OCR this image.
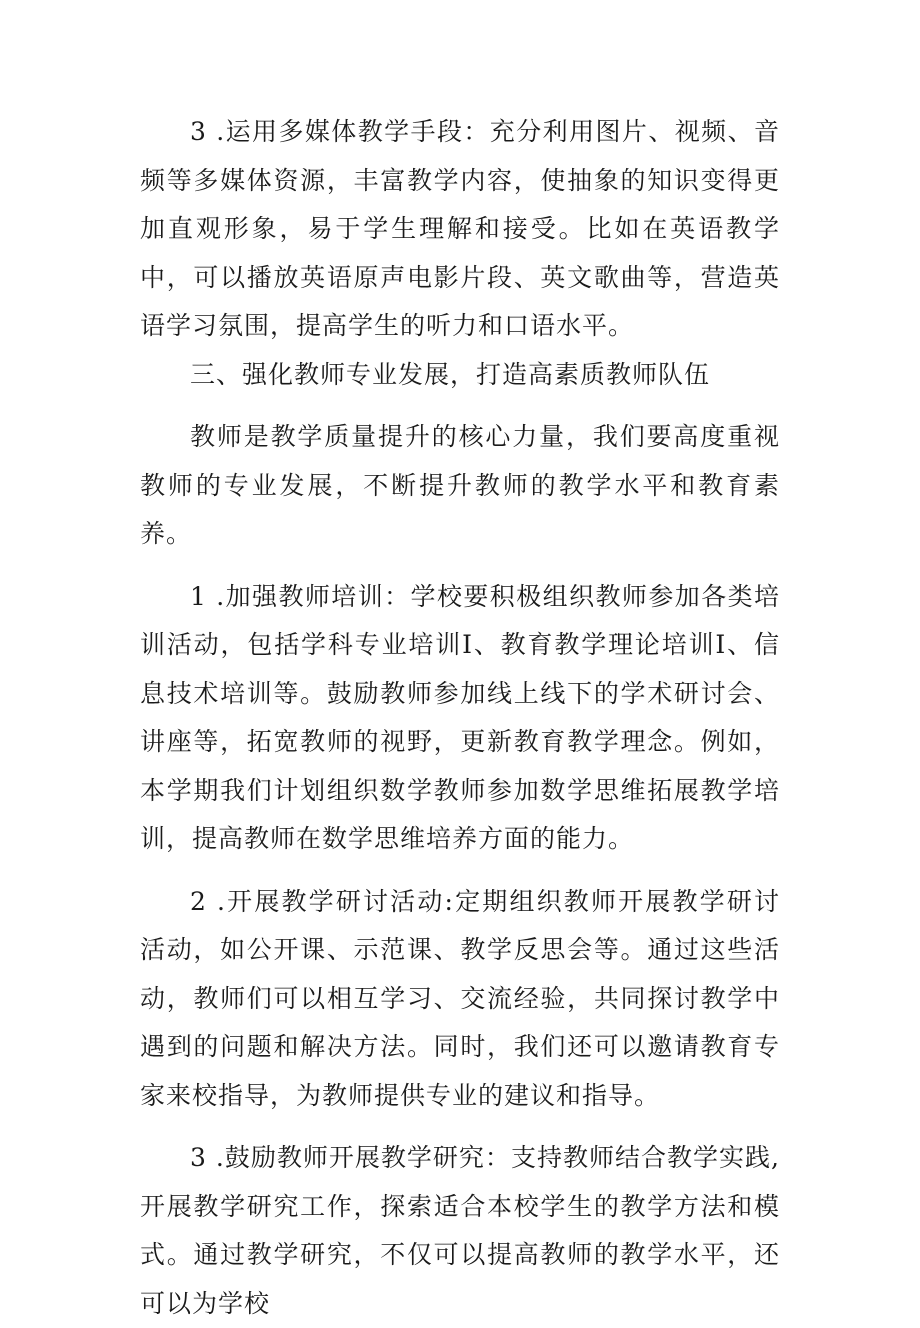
3 .运用多媒体教学手段：充分利用图片、视频、音频等多媒体资源，丰富教学内容，使抽象的知识变得更加直观形象，易于学生理解和接受。比如在英语教学中，可以播放英语原声电影片段、英文歌曲等，营造英语学习氛围，提高学生的听力和口语水平。

三、强化教师专业发展，打造高素质教师队伍

教师是教学质量提升的核心力量，我们要高度重视教师的专业发展，不断提升教师的教学水平和教育素养。

1 .加强教师培训：学校要积极组织教师参加各类培训活动，包括学科专业培训I、教育教学理论培训I、信息技术培训等。鼓励教师参加线上线下的学术研讨会、讲座等，拓宽教师的视野，更新教育教学理念。例如，本学期我们计划组织数学教师参加数学思维拓展教学培训，提高教师在数学思维培养方面的能力。

2 .开展教学研讨活动:定期组织教师开展教学研讨活动，如公开课、示范课、教学反思会等。通过这些活动，教师们可以相互学习、交流经验，共同探讨教学中遇到的问题和解决方法。同时，我们还可以邀请教育专家来校指导，为教师提供专业的建议和指导。

3 .鼓励教师开展教学研究：支持教师结合教学实践,开展教学研究工作，探索适合本校学生的教学方法和模式。通过教学研究，不仅可以提高教师的教学水平，还可以为学校
